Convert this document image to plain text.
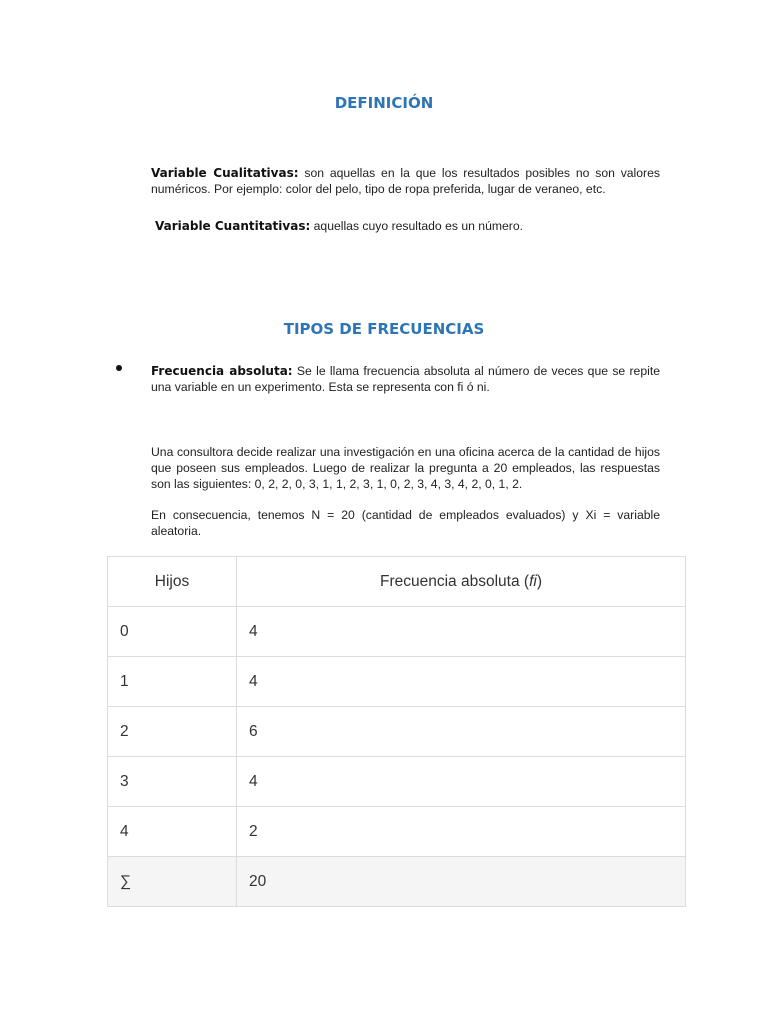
DEFINICIÓN
Variable Cualitativas: son aquellas en la que los resultados posibles no son valores numéricos. Por ejemplo: color del pelo, tipo de ropa preferida, lugar de veraneo, etc.
Variable Cuantitativas: aquellas cuyo resultado es un número.
TIPOS DE FRECUENCIAS
Frecuencia absoluta: Se le llama frecuencia absoluta al número de veces que se repite una variable en un experimento. Esta se representa con fi ó ni.
Una consultora decide realizar una investigación en una oficina acerca de la cantidad de hijos que poseen sus empleados. Luego de realizar la pregunta a 20 empleados, las respuestas son las siguientes: 0, 2, 2, 0, 3, 1, 1, 2, 3, 1, 0, 2, 3, 4, 3, 4, 2, 0, 1, 2.
En consecuencia, tenemos N = 20 (cantidad de empleados evaluados) y Xi = variable aleatoria.
Hijos	Frecuencia absoluta (fi)
0	4
1	4
2	6
3	4
4	2
∑	20
